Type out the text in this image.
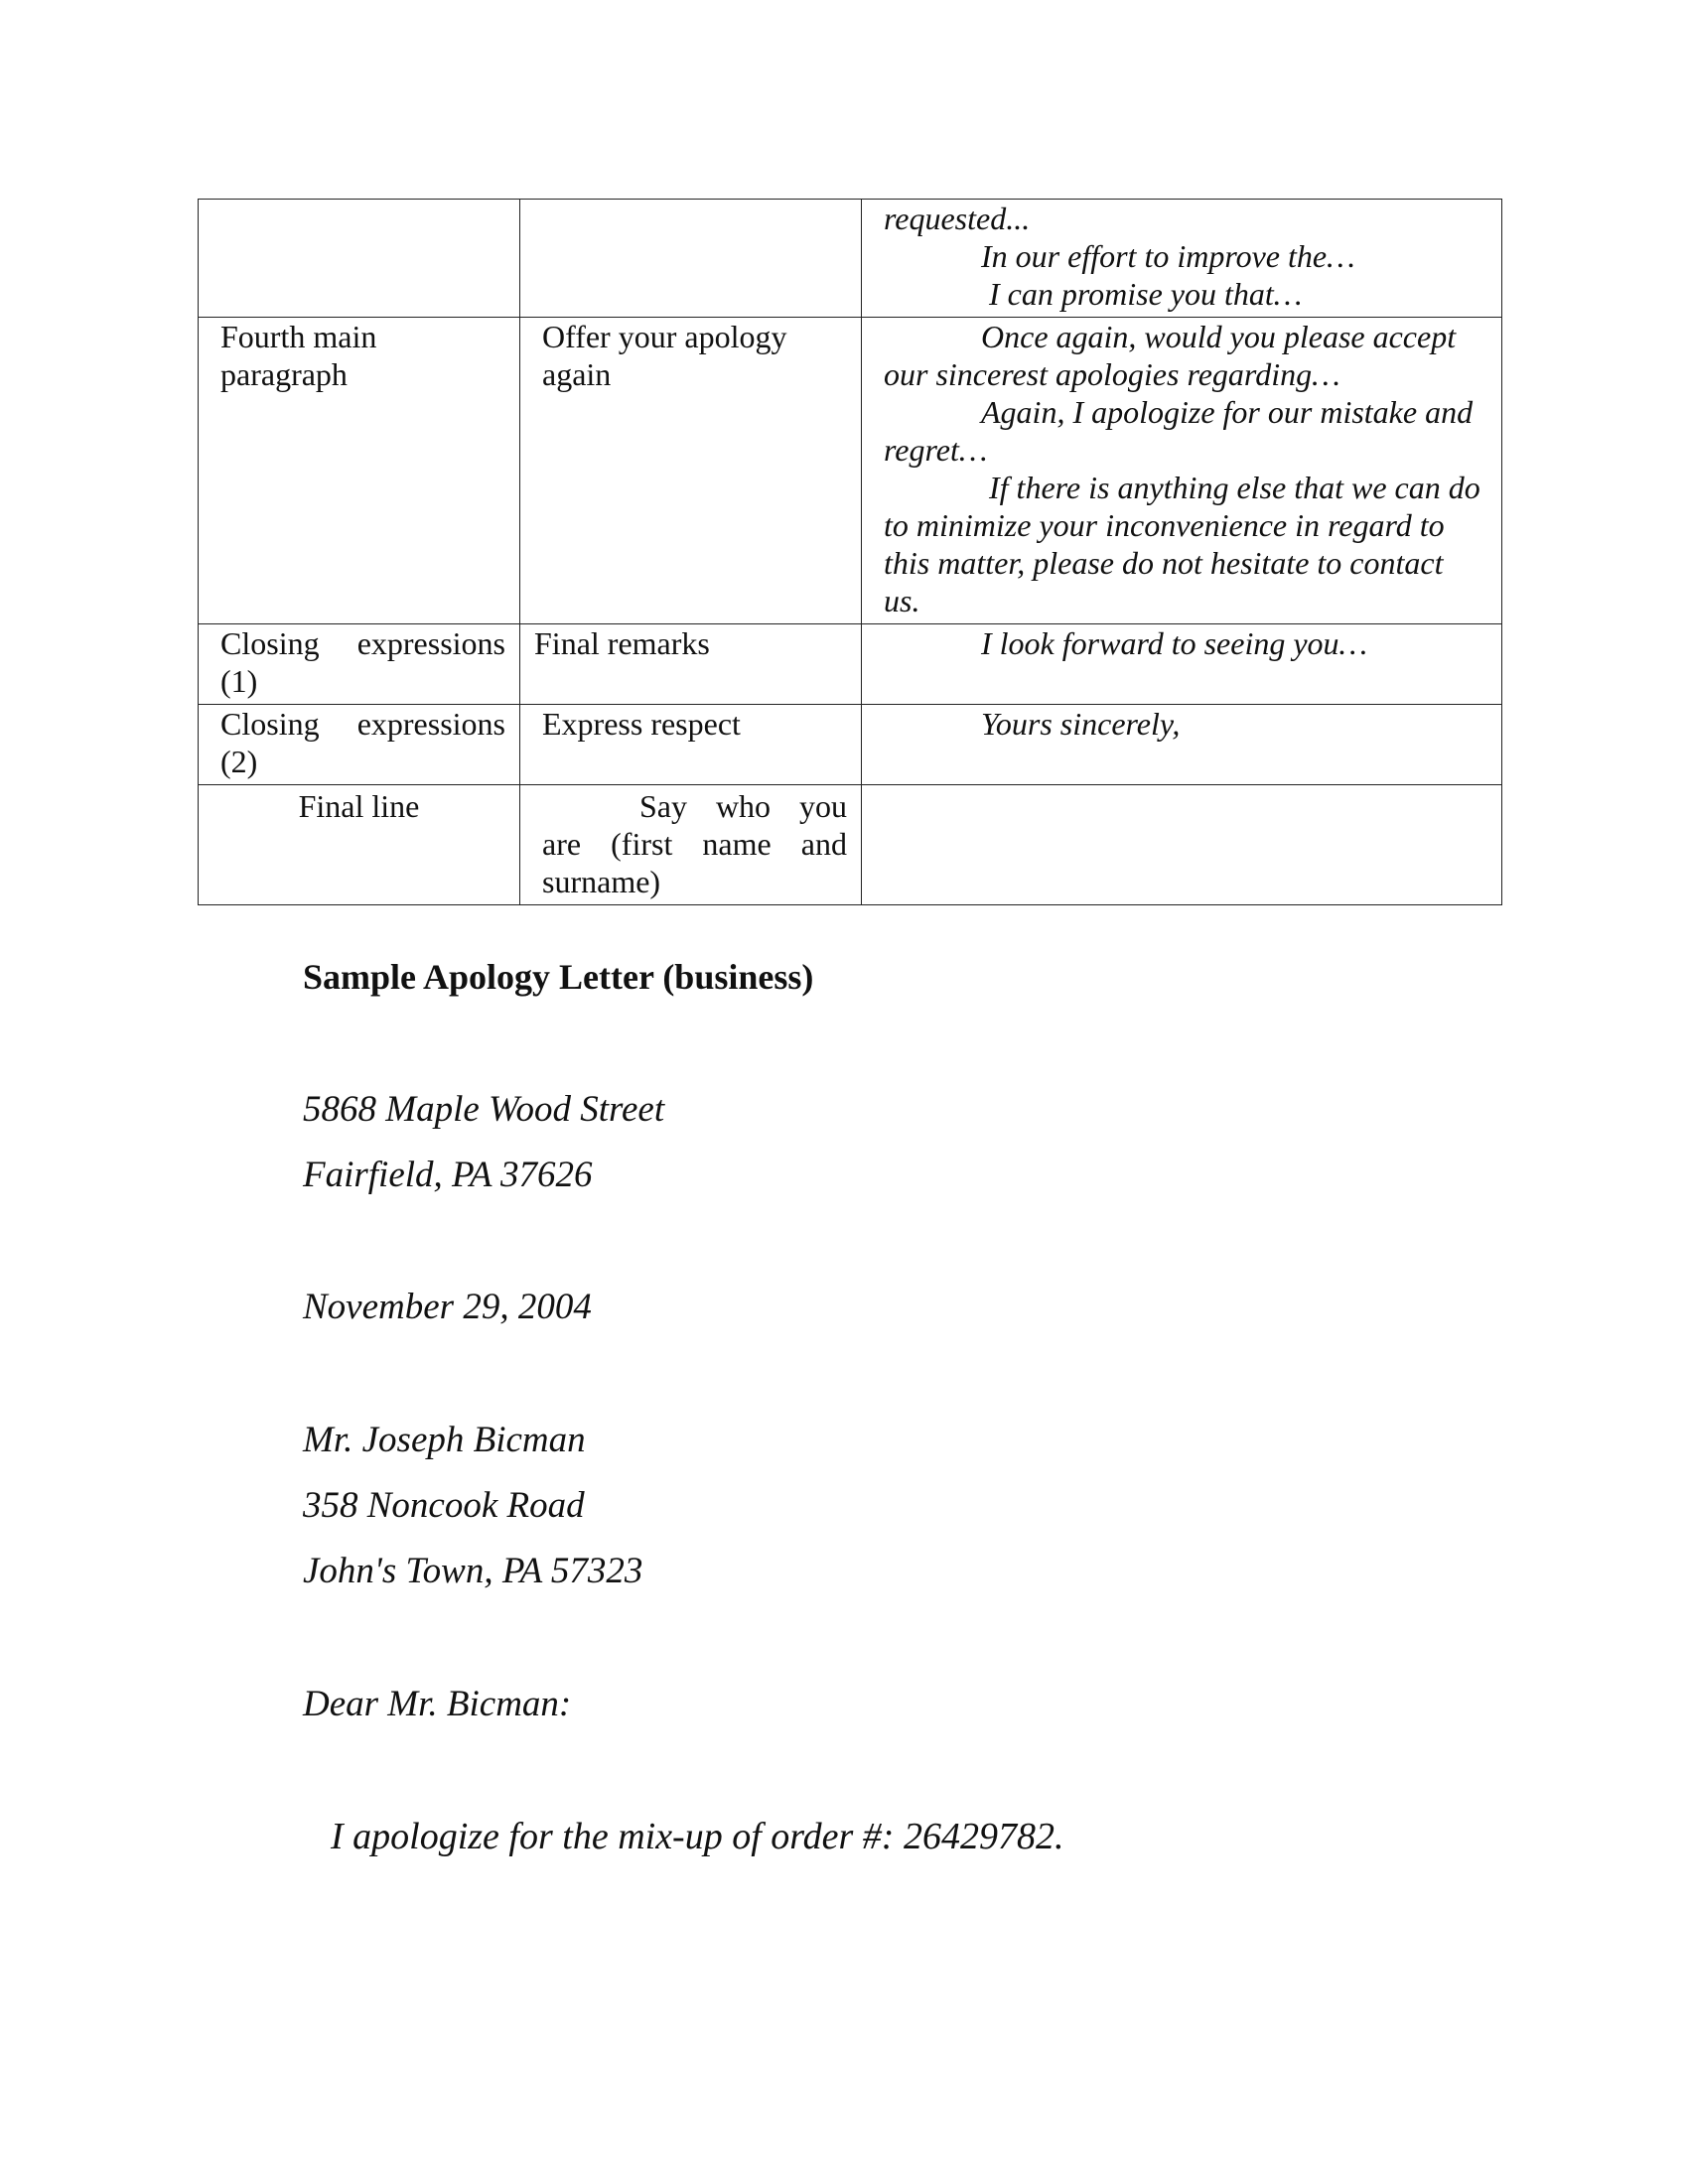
		requested...
In our effort to improve the…
I can promise you that…

Fourth main paragraph	Offer your apology again	Once again, would you please accept our sincerest apologies regarding…
Again, I apologize for our mistake and regret…
If there is anything else that we can do to minimize your inconvenience in regard to this matter, please do not hesitate to contact us.

Closing expressions (1)	Final remarks	I look forward to seeing you…

Closing expressions (2)	Express respect	Yours sincerely,

Final line	Say who you
are (first name and surname)	
Sample Apology Letter (business)
5868 Maple Wood Street
Fairfield, PA 37626
November 29, 2004
Mr. Joseph Bicman
358 Noncook Road
John's Town, PA 57323
Dear Mr. Bicman:
I apologize for the mix-up of order #: 26429782.
